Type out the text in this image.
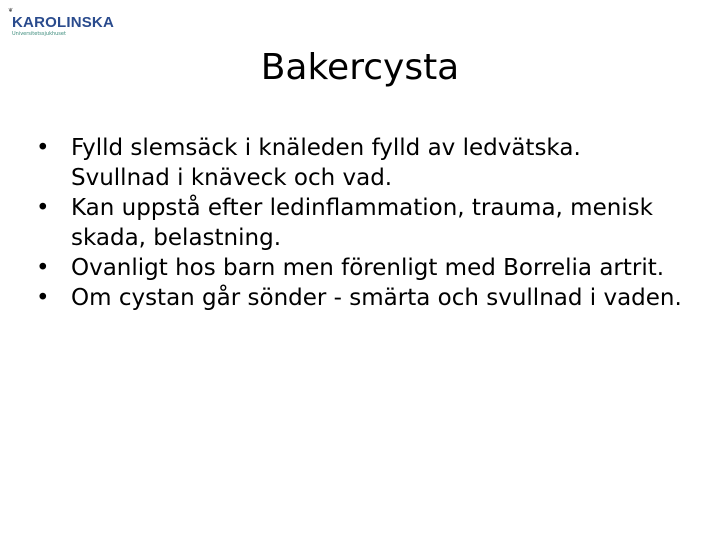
❦
KAROLINSKA
Universitetssjukhuset
Bakercysta
• Fylld slemsäck i knäleden fylld av ledvätska. Svullnad i knäveck och vad.
• Kan uppstå efter ledinflammation, trauma, menisk skada, belastning.
• Ovanligt hos barn men förenligt med Borrelia artrit.
• Om cystan går sönder - smärta och svullnad i vaden.
